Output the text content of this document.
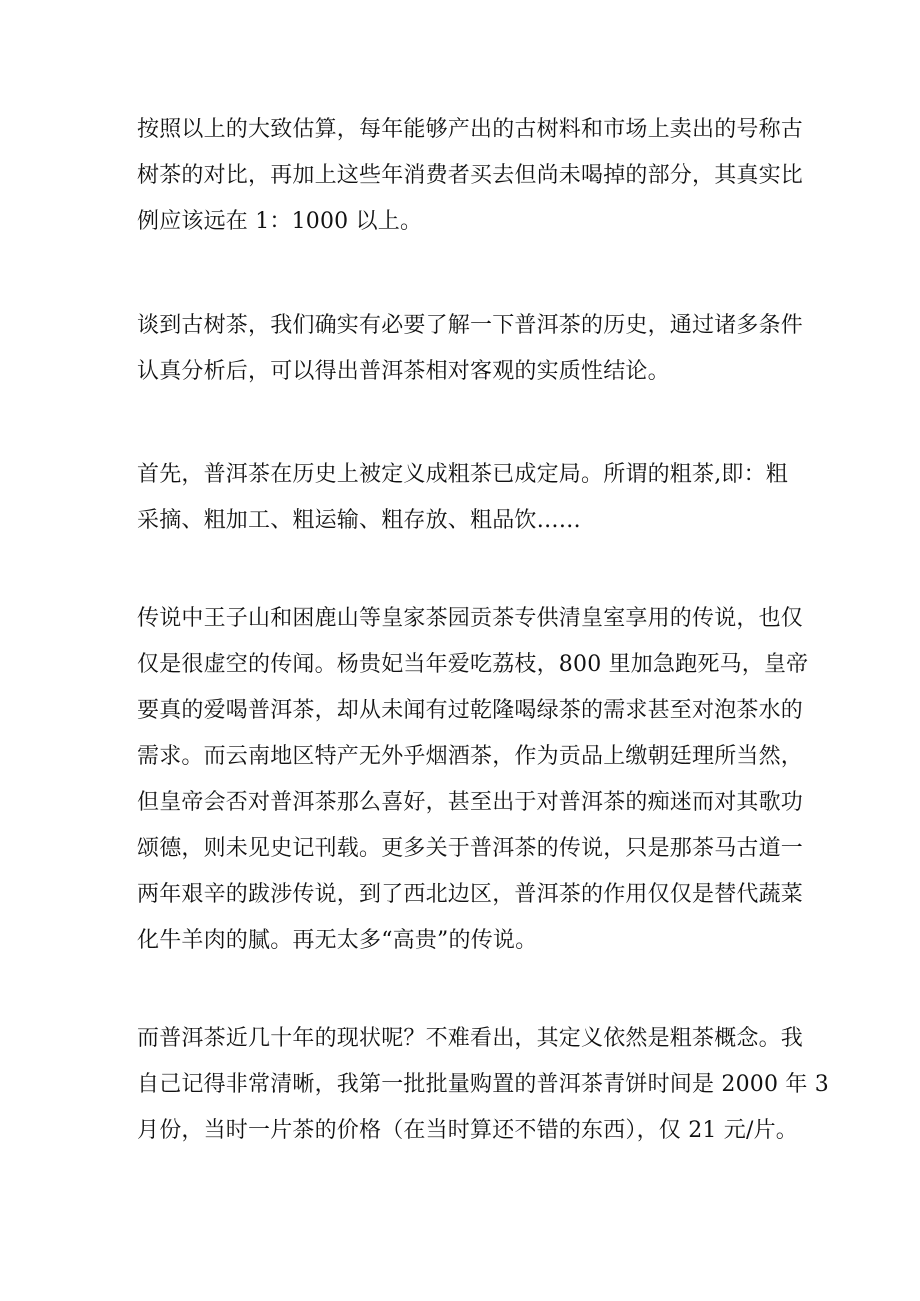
按照以上的大致估算，每年能够产出的古树料和市场上卖出的号称古
树茶的对比，再加上这些年消费者买去但尚未喝掉的部分，其真实比
例应该远在 1：1000 以上。
谈到古树茶，我们确实有必要了解一下普洱茶的历史，通过诸多条件
认真分析后，可以得出普洱茶相对客观的实质性结论。
首先，普洱茶在历史上被定义成粗茶已成定局。所谓的粗茶,即：粗
采摘、粗加工、粗运输、粗存放、粗品饮……
传说中王子山和困鹿山等皇家茶园贡茶专供清皇室享用的传说，也仅
仅是很虚空的传闻。杨贵妃当年爱吃荔枝，800 里加急跑死马，皇帝
要真的爱喝普洱茶，却从未闻有过乾隆喝绿茶的需求甚至对泡茶水的
需求。而云南地区特产无外乎烟酒茶，作为贡品上缴朝廷理所当然，
但皇帝会否对普洱茶那么喜好，甚至出于对普洱茶的痴迷而对其歌功
颂德，则未见史记刊载。更多关于普洱茶的传说，只是那茶马古道一
两年艰辛的跋涉传说，到了西北边区，普洱茶的作用仅仅是替代蔬菜
化牛羊肉的腻。再无太多“高贵”的传说。
而普洱茶近几十年的现状呢？不难看出，其定义依然是粗茶概念。我
自己记得非常清晰，我第一批批量购置的普洱茶青饼时间是 2000 年 3
月份，当时一片茶的价格（在当时算还不错的东西），仅 21 元/片。
